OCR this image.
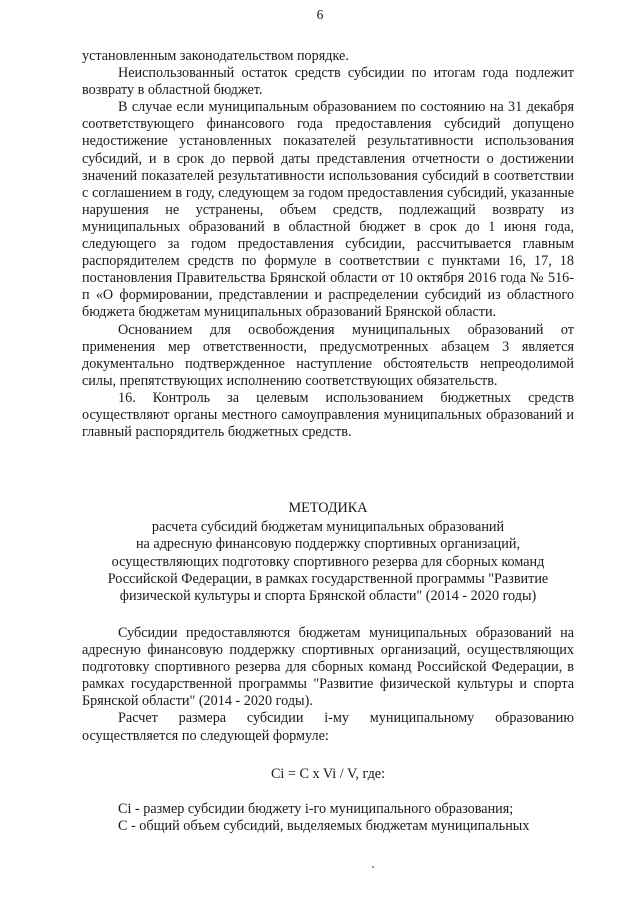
6

установленным законодательством порядке.

Неиспользованный остаток средств субсидии по итогам года подлежит возврату в областной бюджет.

В случае если муниципальным образованием по состоянию на 31 декабря соответствующего финансового года предоставления субсидий допущено недостижение установленных показателей результативности использования субсидий, и в срок до первой даты представления отчетности о достижении значений показателей результативности использования субсидий в соответствии с соглашением в году, следующем за годом предоставления субсидий, указанные нарушения не устранены, объем средств, подлежащий возврату из муниципальных образований в областной бюджет в срок до 1 июня года, следующего за годом предоставления субсидии, рассчитывается главным распорядителем средств по формуле в соответствии с пунктами 16, 17, 18 постановления Правительства Брянской области от 10 октября 2016 года № 516-п «О формировании, представлении и распределении субсидий из областного бюджета бюджетам муниципальных образований Брянской области.

Основанием для освобождения муниципальных образований от применения мер ответственности, предусмотренных абзацем 3 является документально подтвержденное наступление обстоятельств непреодолимой силы, препятствующих исполнению соответствующих обязательств.

16. Контроль за целевым использованием бюджетных средств осуществляют органы местного самоуправления муниципальных образований и главный распорядитель бюджетных средств.

МЕТОДИКА
расчета субсидий бюджетам муниципальных образований
на адресную финансовую поддержку спортивных организаций,
осуществляющих подготовку спортивного резерва для сборных команд
Российской Федерации, в рамках государственной программы "Развитие
физической культуры и спорта Брянской области" (2014 - 2020 годы)

Субсидии предоставляются бюджетам муниципальных образований на адресную финансовую поддержку спортивных организаций, осуществляющих подготовку спортивного резерва для сборных команд Российской Федерации, в рамках государственной программы "Развитие физической культуры и спорта Брянской области" (2014 - 2020 годы).

Расчет размера субсидии i-му муниципальному образованию осуществляется по следующей формуле:

Ci = C x Vi / V, где:

Ci - размер субсидии бюджету i-го муниципального образования;

С - общий объем субсидий, выделяемых бюджетам муниципальных
